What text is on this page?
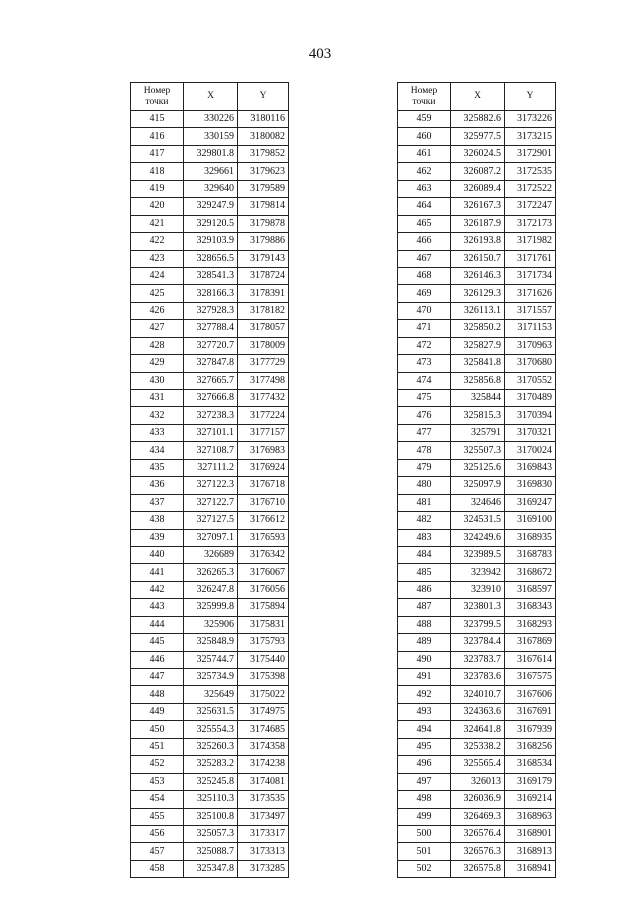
403
Номер
точки	X	Y
415	330226	3180116
416	330159	3180082
417	329801.8	3179852
418	329661	3179623
419	329640	3179589
420	329247.9	3179814
421	329120.5	3179878
422	329103.9	3179886
423	328656.5	3179143
424	328541.3	3178724
425	328166.3	3178391
426	327928.3	3178182
427	327788.4	3178057
428	327720.7	3178009
429	327847.8	3177729
430	327665.7	3177498
431	327666.8	3177432
432	327238.3	3177224
433	327101.1	3177157
434	327108.7	3176983
435	327111.2	3176924
436	327122.3	3176718
437	327122.7	3176710
438	327127.5	3176612
439	327097.1	3176593
440	326689	3176342
441	326265.3	3176067
442	326247.8	3176056
443	325999.8	3175894
444	325906	3175831
445	325848.9	3175793
446	325744.7	3175440
447	325734.9	3175398
448	325649	3175022
449	325631.5	3174975
450	325554.3	3174685
451	325260.3	3174358
452	325283.2	3174238
453	325245.8	3174081
454	325110.3	3173535
455	325100.8	3173497
456	325057.3	3173317
457	325088.7	3173313
458	325347.8	3173285
Номер
точки	X	Y
459	325882.6	3173226
460	325977.5	3173215
461	326024.5	3172901
462	326087.2	3172535
463	326089.4	3172522
464	326167.3	3172247
465	326187.9	3172173
466	326193.8	3171982
467	326150.7	3171761
468	326146.3	3171734
469	326129.3	3171626
470	326113.1	3171557
471	325850.2	3171153
472	325827.9	3170963
473	325841.8	3170680
474	325856.8	3170552
475	325844	3170489
476	325815.3	3170394
477	325791	3170321
478	325507.3	3170024
479	325125.6	3169843
480	325097.9	3169830
481	324646	3169247
482	324531.5	3169100
483	324249.6	3168935
484	323989.5	3168783
485	323942	3168672
486	323910	3168597
487	323801.3	3168343
488	323799.5	3168293
489	323784.4	3167869
490	323783.7	3167614
491	323783.6	3167575
492	324010.7	3167606
493	324363.6	3167691
494	324641.8	3167939
495	325338.2	3168256
496	325565.4	3168534
497	326013	3169179
498	326036.9	3169214
499	326469.3	3168963
500	326576.4	3168901
501	326576.3	3168913
502	326575.8	3168941
